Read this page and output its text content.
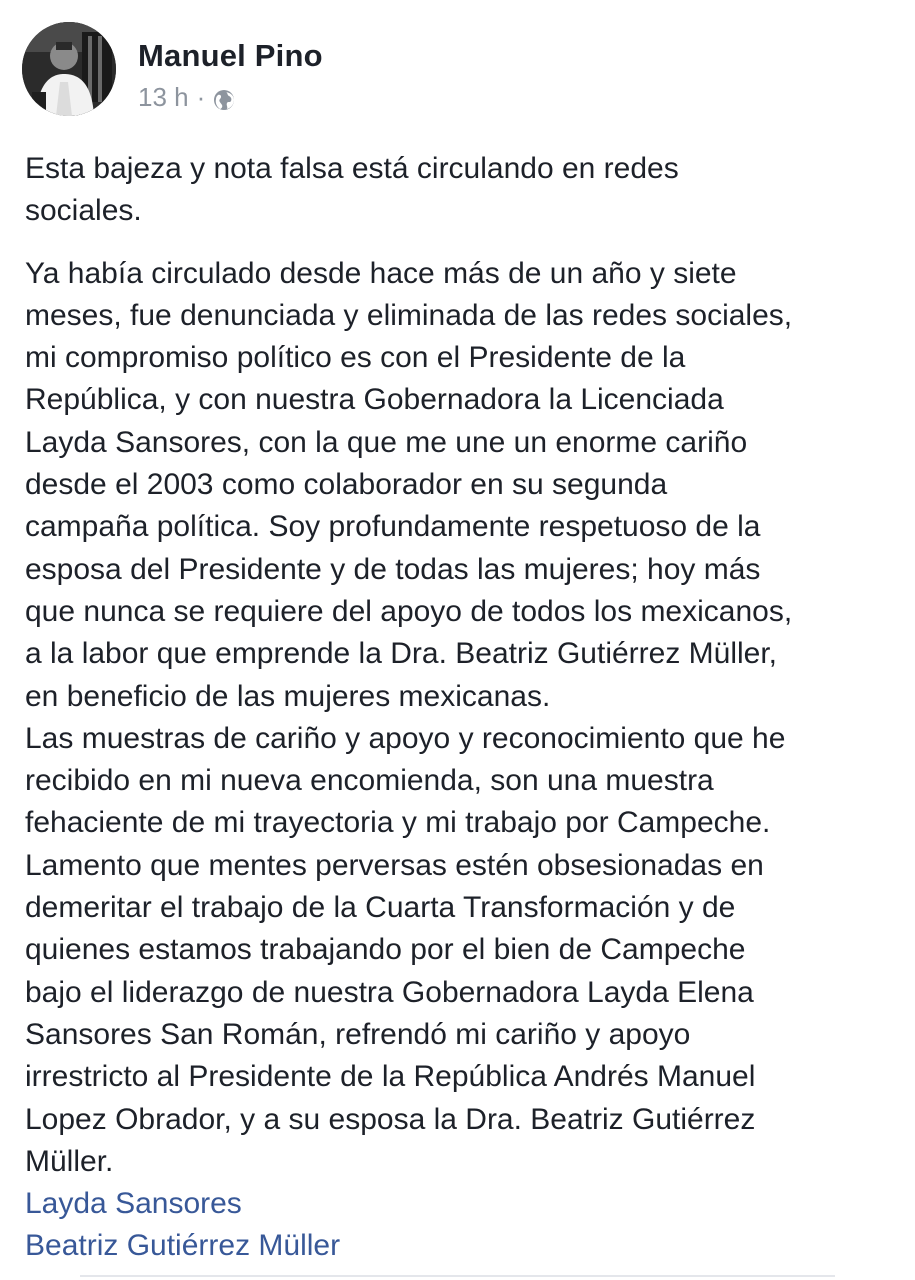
Manuel Pino
13 h ·

Esta bajeza y nota falsa está circulando en redes
sociales.

Ya había circulado desde hace más de un año y siete
meses, fue denunciada y eliminada de las redes sociales,
mi compromiso político es con el Presidente de la
República, y con nuestra Gobernadora la Licenciada
Layda Sansores, con la que me une un enorme cariño
desde el 2003 como colaborador en su segunda
campaña política. Soy profundamente respetuoso de la
esposa del Presidente y de todas las mujeres; hoy más
que nunca se requiere del apoyo de todos los mexicanos,
a la labor que emprende la Dra. Beatriz Gutiérrez Müller,
en beneficio de las mujeres mexicanas.
Las muestras de cariño y apoyo y reconocimiento que he
recibido en mi nueva encomienda, son una muestra
fehaciente de mi trayectoria y mi trabajo por Campeche.
Lamento que mentes perversas estén obsesionadas en
demeritar el trabajo de la Cuarta Transformación y de
quienes estamos trabajando por el bien de Campeche
bajo el liderazgo de nuestra Gobernadora Layda Elena
Sansores San Román, refrendó mi cariño y apoyo
irrestricto al Presidente de la República Andrés Manuel
Lopez Obrador, y a su esposa la Dra. Beatriz Gutiérrez
Müller.

Layda Sansores
Beatriz Gutiérrez Müller
